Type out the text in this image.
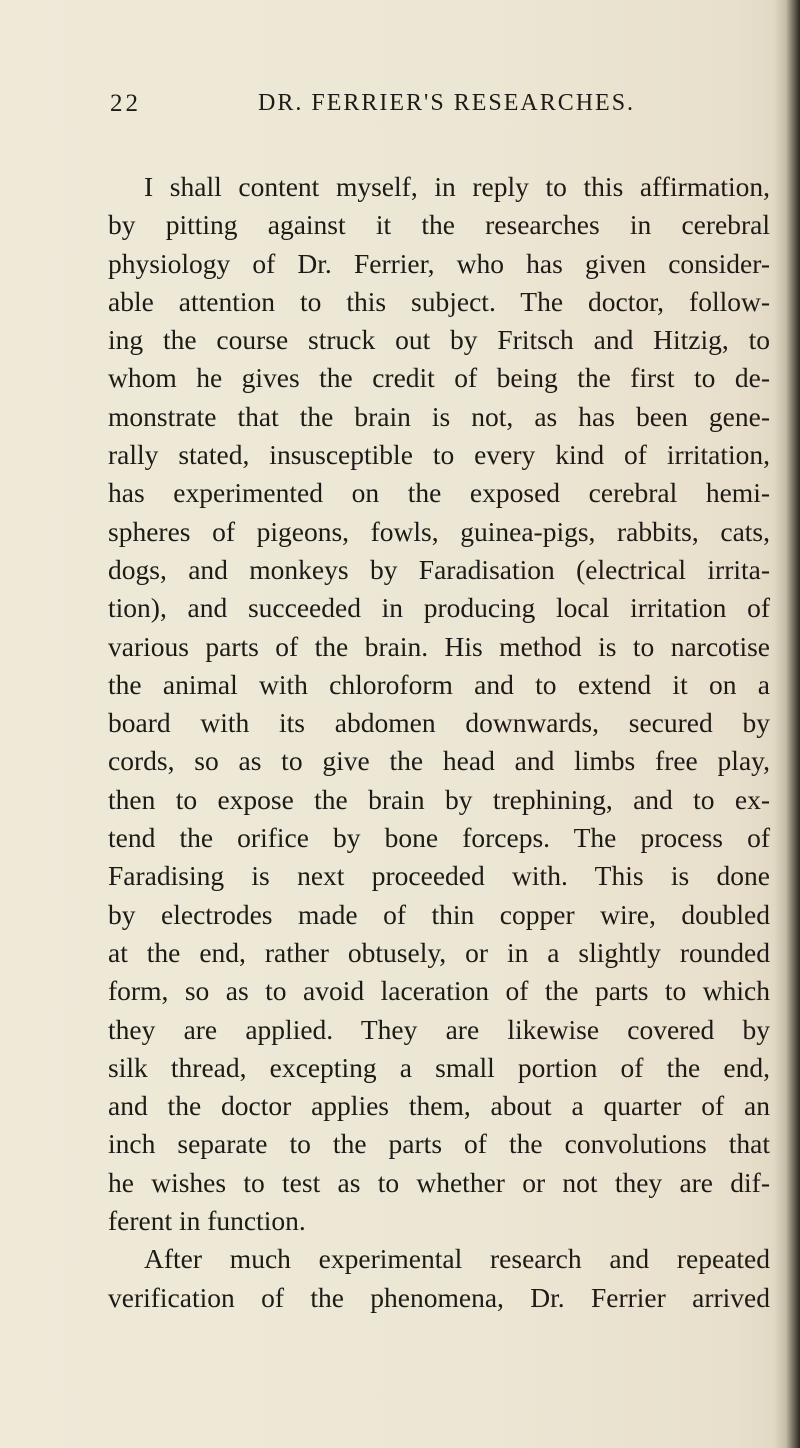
22	DR. FERRIER'S RESEARCHES.
I shall content myself, in reply to this affirmation,
by pitting against it the researches in cerebral
physiology of Dr. Ferrier, who has given consider-
able attention to this subject. The doctor, follow-
ing the course struck out by Fritsch and Hitzig, to
whom he gives the credit of being the first to de-
monstrate that the brain is not, as has been gene-
rally stated, insusceptible to every kind of irritation,
has experimented on the exposed cerebral hemi-
spheres of pigeons, fowls, guinea-pigs, rabbits, cats,
dogs, and monkeys by Faradisation (electrical irrita-
tion), and succeeded in producing local irritation of
various parts of the brain. His method is to narcotise
the animal with chloroform and to extend it on a
board with its abdomen downwards, secured by
cords, so as to give the head and limbs free play,
then to expose the brain by trephining, and to ex-
tend the orifice by bone forceps. The process of
Faradising is next proceeded with. This is done
by electrodes made of thin copper wire, doubled
at the end, rather obtusely, or in a slightly rounded
form, so as to avoid laceration of the parts to which
they are applied. They are likewise covered by
silk thread, excepting a small portion of the end,
and the doctor applies them, about a quarter of an
inch separate to the parts of the convolutions that
he wishes to test as to whether or not they are dif-
ferent in function.
After much experimental research and repeated
verification of the phenomena, Dr. Ferrier arrived
